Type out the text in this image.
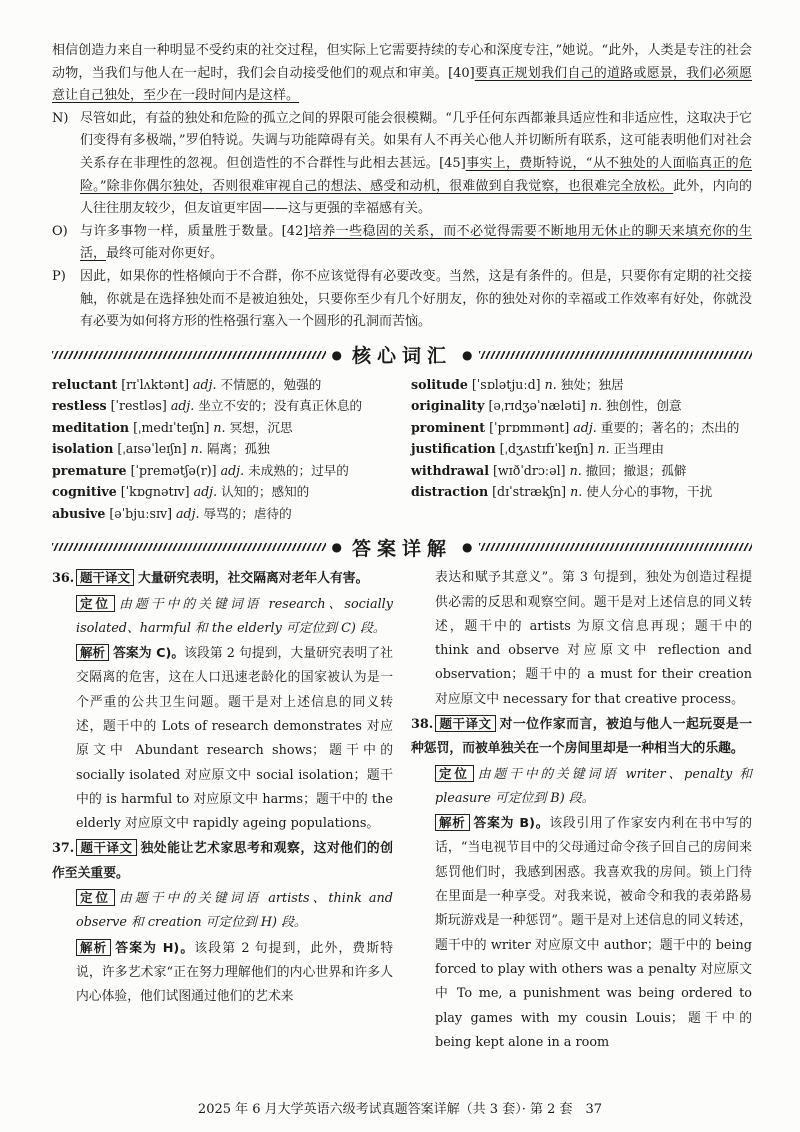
相信创造力来自一种明显不受约束的社交过程，但实际上它需要持续的专心和深度专注，”她说。“此外，人类是专注的社会动物，当我们与他人在一起时，我们会自动接受他们的观点和审美。[40]要真正规划我们自己的道路或愿景，我们必须愿意让自己独处，至少在一段时间内是这样。

N) 尽管如此，有益的独处和危险的孤立之间的界限可能会很模糊。“几乎任何东西都兼具适应性和非适应性，这取决于它们变得有多极端，”罗伯特说。失调与功能障碍有关。如果有人不再关心他人并切断所有联系，这可能表明他们对社会关系存在非理性的忽视。但创造性的不合群性与此相去甚远。[45]事实上，费斯特说，“从不独处的人面临真正的危险。”除非你偶尔独处，否则很难审视自己的想法、感受和动机，很难做到自我觉察，也很难完全放松。此外，内向的人往往朋友较少，但友谊更牢固——这与更强的幸福感有关。

O) 与许多事物一样，质量胜于数量。[42]培养一些稳固的关系，而不必觉得需要不断地用无休止的聊天来填充你的生活，最终可能对你更好。

P)	因此，如果你的性格倾向于不合群，你不应该觉得有必要改变。当然，这是有条件的。但是，只要你有定期的社交接触，你就是在选择独处而不是被迫独处，只要你至少有几个好朋友，你的独处对你的幸福或工作效率有好处，你就没有必要为如何将方形的性格强行塞入一个圆形的孔洞而苦恼。

● 核心词汇 ●
reluctant [rɪˈlʌktənt] adj. 不情愿的，勉强的
restless [ˈrestləs] adj. 坐立不安的；没有真正休息的
meditation [ˌmedɪˈteɪʃn] n. 冥想，沉思
isolation [ˌaɪsəˈleɪʃn] n. 隔离；孤独
premature [ˈpremətʃə(r)] adj. 未成熟的；过早的
cognitive [ˈkɒɡnətɪv] adj. 认知的；感知的
abusive [əˈbjuːsɪv] adj. 辱骂的；虐待的
solitude [ˈsɒlətjuːd] n. 独处；独居
originality [əˌrɪdʒəˈnæləti] n. 独创性，创意
prominent [ˈprɒmɪnənt] adj. 重要的；著名的；杰出的
justification [ˌdʒʌstɪfɪˈkeɪʃn] n. 正当理由
withdrawal [wɪðˈdrɔːəl] n. 撤回；撤退；孤僻
distraction [dɪˈstrækʃn] n. 使人分心的事物，干扰
● 答案详解 ●

36. 题干译文 大量研究表明，社交隔离对老年人有害。

定位 由题干中的关键词语 research、socially isolated、harmful 和 the elderly 可定位到 C) 段。

解析 答案为 C)。该段第 2 句提到，大量研究表明了社交隔离的危害，这在人口迅速老龄化的国家被认为是一个严重的公共卫生问题。题干是对上述信息的同义转述，题干中的 Lots of research demonstrates 对应原文中 Abundant research shows；题干中的 socially isolated 对应原文中 social isolation；题干中的 is harmful to 对应原文中 harms；题干中的 the elderly 对应原文中 rapidly ageing populations。

37. 题干译文 独处能让艺术家思考和观察，这对他们的创作至关重要。

定位 由题干中的关键词语 artists、think and observe 和 creation 可定位到 H) 段。

解析 答案为 H)。该段第 2 句提到，此外，费斯特说，许多艺术家“正在努力理解他们的内心世界和许多人内心体验，他们试图通过他们的艺术来

表达和赋予其意义”。第 3 句提到，独处为创造过程提供必需的反思和观察空间。题干是对上述信息的同义转述，题干中的 artists 为原文信息再现；题干中的 think and observe 对应原文中 reflection and observation；题干中的 a must for their creation 对应原文中 necessary for that creative process。

38. 题干译文 对一位作家而言，被迫与他人一起玩耍是一种惩罚，而被单独关在一个房间里却是一种相当大的乐趣。

定位 由题干中的关键词语 writer、penalty 和 pleasure 可定位到 B) 段。

解析 答案为 B)。该段引用了作家安内利在书中写的话，“当电视节目中的父母通过命令孩子回自己的房间来惩罚他们时，我感到困惑。我喜欢我的房间。锁上门待在里面是一种享受。对我来说，被命令和我的表弟路易斯玩游戏是一种惩罚”。题干是对上述信息的同义转述，题干中的 writer 对应原文中 author；题干中的 being forced to play with others was a penalty 对应原文中 To me, a punishment was being ordered to play games with my cousin Louis；题干中的 being kept alone in a room

2025 年 6 月大学英语六级考试真题答案详解（共 3 套）· 第 2 套　37
